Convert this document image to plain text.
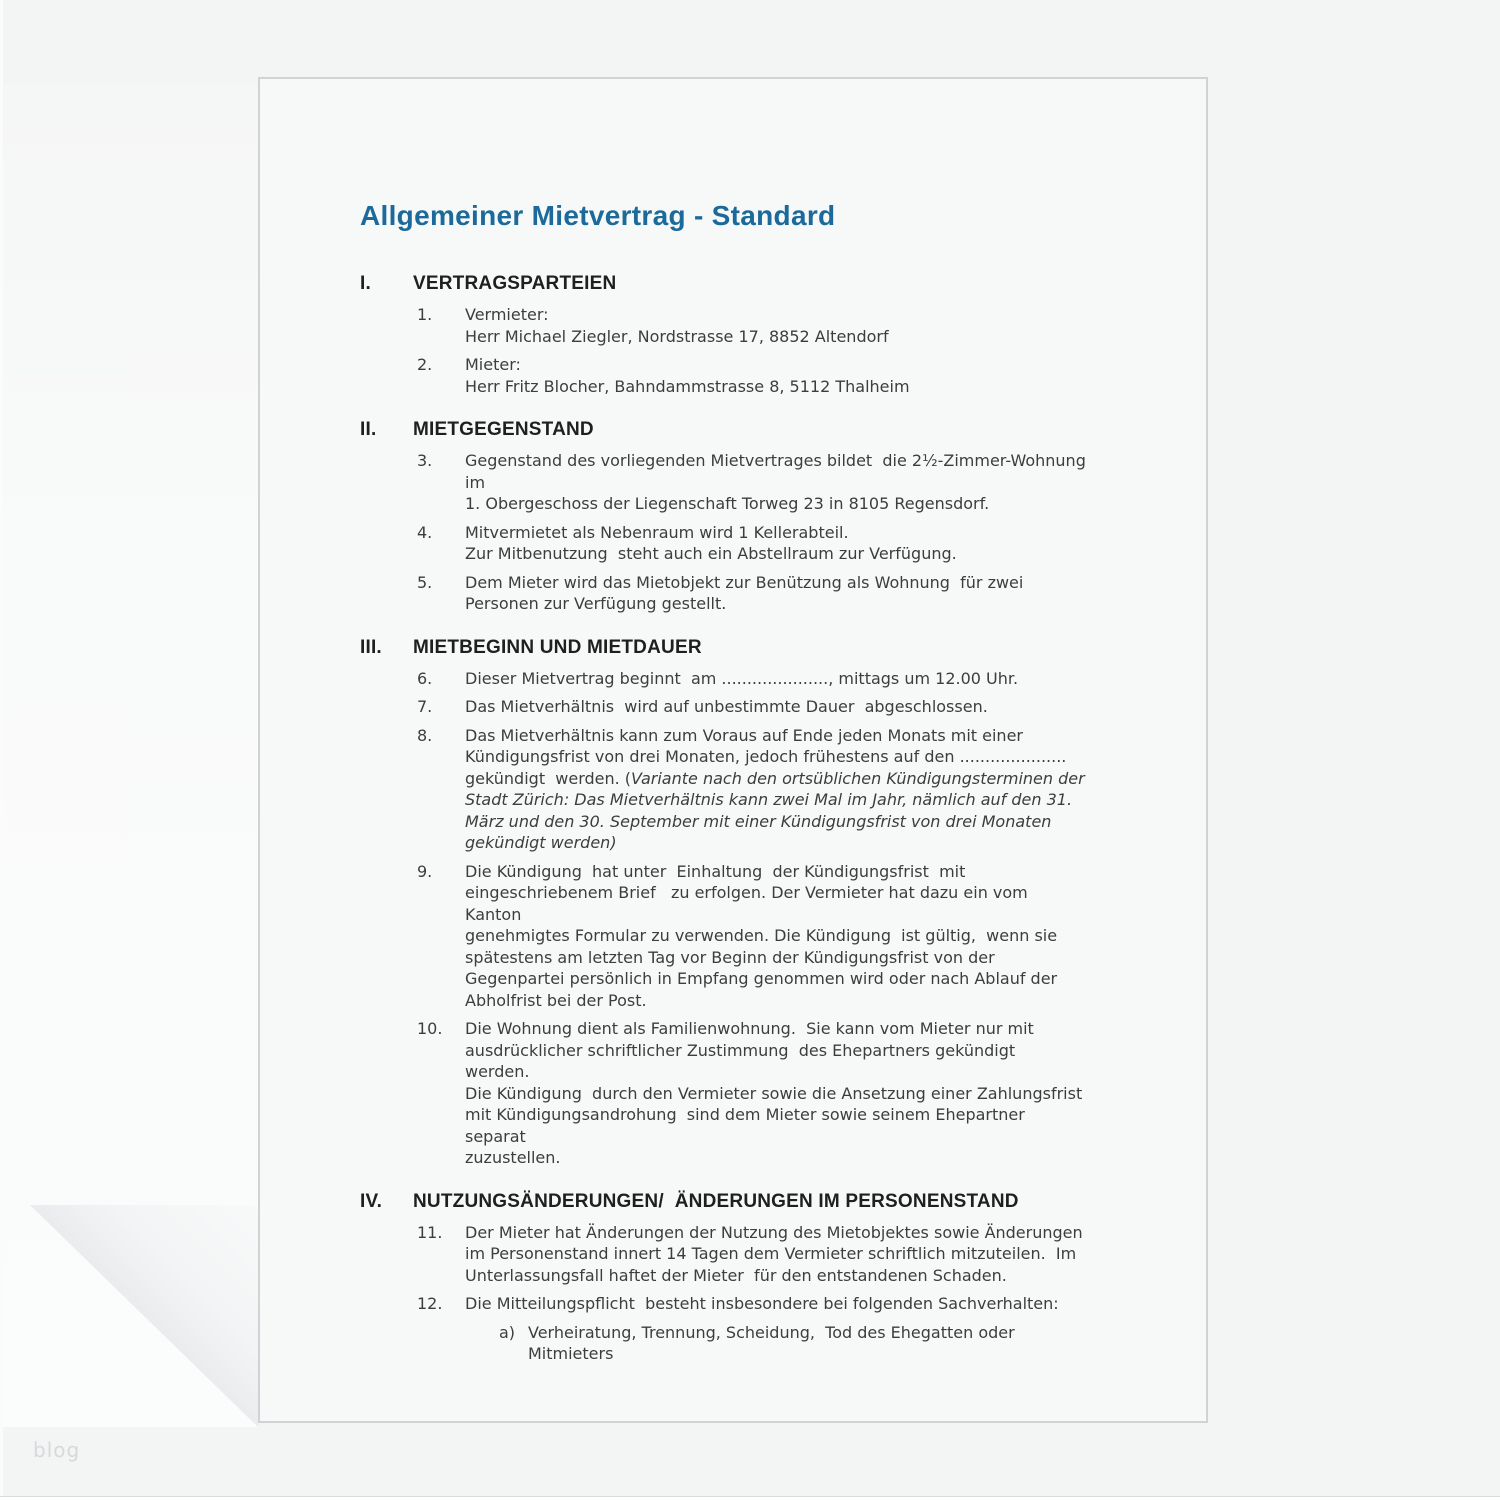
Allgemeiner Mietvertrag - Standard
I.	VERTRAGSPARTEIEN
1.	Vermieter:
Herr Michael Ziegler, Nordstrasse 17, 8852 Altendorf
2.	Mieter:
Herr Fritz Blocher, Bahndammstrasse 8, 5112 Thalheim
II.	MIETGEGENSTAND
3.	Gegenstand des vorliegenden Mietvertrages bildet  die 2½-Zimmer-Wohnung
im
1. Obergeschoss der Liegenschaft Torweg 23 in 8105 Regensdorf.
4.	Mitvermietet als Nebenraum wird 1 Kellerabteil.
Zur Mitbenutzung  steht auch ein Abstellraum zur Verfügung.
5.	Dem Mieter wird das Mietobjekt zur Benützung als Wohnung  für zwei
Personen zur Verfügung gestellt.
III.	MIETBEGINN UND MIETDAUER
6.	Dieser Mietvertrag beginnt  am ....................., mittags um 12.00 Uhr.
7.	Das Mietverhältnis  wird auf unbestimmte Dauer  abgeschlossen.
8.	Das Mietverhältnis kann zum Voraus auf Ende jeden Monats mit einer
Kündigungsfrist von drei Monaten, jedoch frühestens auf den .....................
gekündigt  werden. (Variante nach den ortsüblichen Kündigungsterminen der
Stadt Zürich: Das Mietverhältnis kann zwei Mal im Jahr, nämlich auf den 31.
März und den 30. September mit einer Kündigungsfrist von drei Monaten
gekündigt werden)
9.	Die Kündigung  hat unter  Einhaltung  der Kündigungsfrist  mit
eingeschriebenem Brief   zu erfolgen. Der Vermieter hat dazu ein vom Kanton
genehmigtes Formular zu verwenden. Die Kündigung  ist gültig,  wenn sie
spätestens am letzten Tag vor Beginn der Kündigungsfrist von der
Gegenpartei persönlich in Empfang genommen wird oder nach Ablauf der
Abholfrist bei der Post.
10.	Die Wohnung dient als Familienwohnung.  Sie kann vom Mieter nur mit
ausdrücklicher schriftlicher Zustimmung  des Ehepartners gekündigt  werden.
Die Kündigung  durch den Vermieter sowie die Ansetzung einer Zahlungsfrist
mit Kündigungsandrohung  sind dem Mieter sowie seinem Ehepartner separat
zuzustellen.
IV.	NUTZUNGSÄNDERUNGEN/  ÄNDERUNGEN IM PERSONENSTAND
11.	Der Mieter hat Änderungen der Nutzung des Mietobjektes sowie Änderungen
im Personenstand innert 14 Tagen dem Vermieter schriftlich mitzuteilen.  Im
Unterlassungsfall haftet der Mieter  für den entstandenen Schaden.
12.	Die Mitteilungspflicht  besteht insbesondere bei folgenden Sachverhalten:
a) Verheiratung, Trennung, Scheidung,  Tod des Ehegatten oder Mitmieters
blog
